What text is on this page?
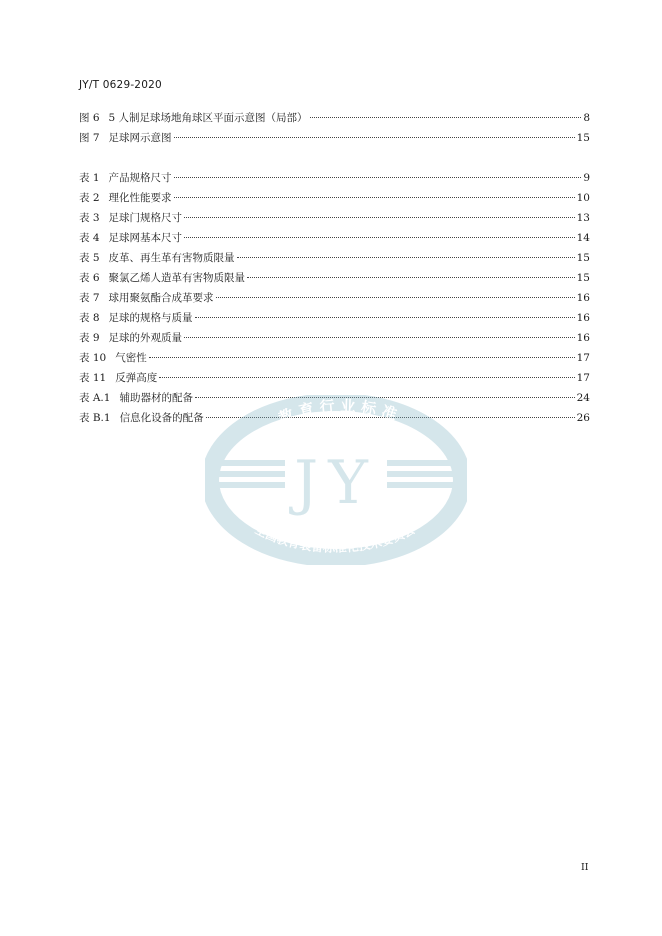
JY/T 0629-2020
图 6 5 人制足球场地角球区平面示意图（局部）	8
图 7 足球网示意图	15
表 1 产品规格尺寸	9
表 2 理化性能要求	10
表 3 足球门规格尺寸	13
表 4 足球网基本尺寸	14
表 5 皮革、再生革有害物质限量	15
表 6 聚氯乙烯人造革有害物质限量	15
表 7 球用聚氨酯合成革要求	16
表 8 足球的规格与质量	16
表 9 足球的外观质量	16
表 10 气密性	17
表 11 反弹高度	17
表 A.1 辅助器材的配备	24
表 B.1 信息化设备的配备	26
教 育 行 业 标 准
JY
全国教育装备标准化技术委员会
II
